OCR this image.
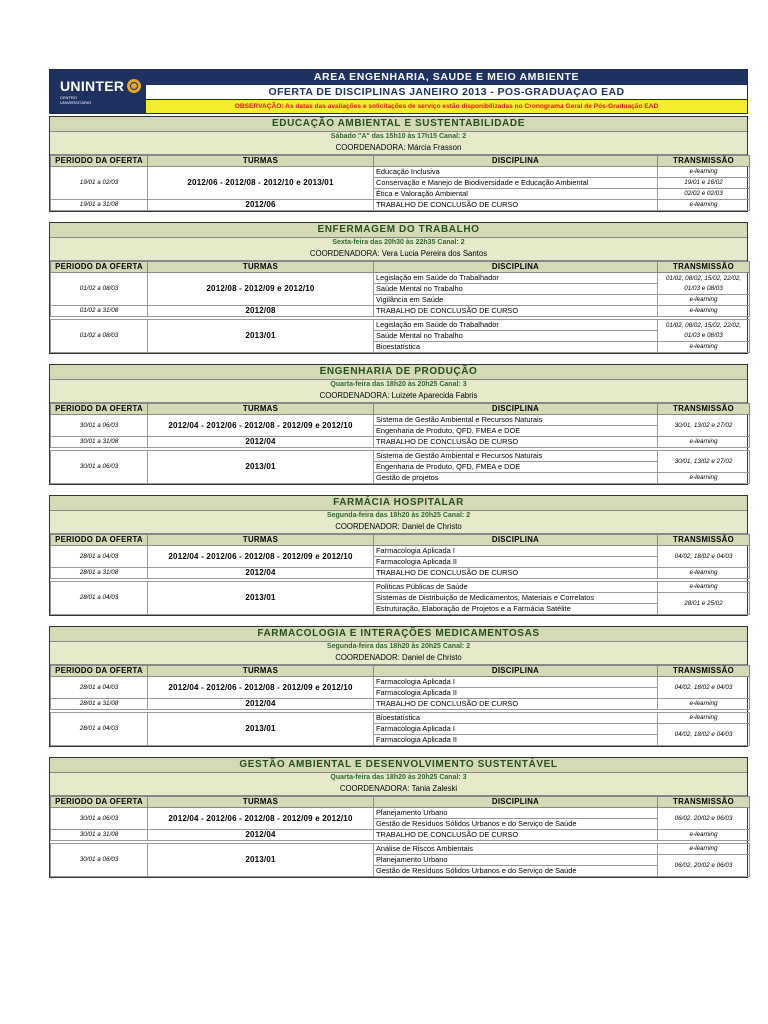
UNINTER
CENTRO
UNIVERSITÁRIO
AREA ENGENHARIA, SAUDE E MEIO AMBIENTE
OFERTA DE DISCIPLINAS JANEIRO 2013 - POS-GRADUAÇAO EAD
OBSERVAÇÃO: As datas das avaliações e solicitações de serviço estão disponibilizadas no Cronograma Geral de Pós-Graduação EAD
EDUCAÇÃO AMBIENTAL E SUSTENTABILIDADE
Sábado "A" das 15h10 às 17h15 Canal: 2
COORDENADORA: Márcia Frasson
PERIODO DA OFERTA	TURMAS	DISCIPLINA	TRANSMISSÃO
19/01 a 02/03	2012/06 - 2012/08 - 2012/10 e 2013/01	Educação Inclusiva	e-learning
		Conservação e Manejo de Biodiversidade e Educação Ambiental	19/01 e 16/02
		Ética e Valoração Ambiental	02/02 e 02/03
19/01 a 31/08	2012/06	TRABALHO DE CONCLUSÃO DE CURSO	e-learning
ENFERMAGEM DO TRABALHO
Sexta-feira das 20h30 às 22h35 Canal: 2
COORDENADORA: Vera Lucia Pereira dos Santos
PERIODO DA OFERTA	TURMAS	DISCIPLINA	TRANSMISSÃO
01/02 a 08/03	2012/08 - 2012/09 e 2012/10	Legislação em Saúde do Trabalhador	01/02, 08/02, 15/02, 22/02, 01/03 e 08/03
		Saúde Mental no Trabalho	
		Vigilância em Saúde	e-learning
01/02 a 31/08	2012/08	TRABALHO DE CONCLUSÃO DE CURSO	e-learning

01/02 a 08/03	2013/01	Legislação em Saúde do Trabalhador	01/02, 08/02, 15/02, 22/02, 01/03 e 08/03
		Saúde Mental no Trabalho	
		Bioestatística	e-learning
ENGENHARIA DE PRODUÇÃO
Quarta-feira das 18h20 às 20h25 Canal: 3
COORDENADORA: Luizete Aparecida Fabris
PERIODO DA OFERTA	TURMAS	DISCIPLINA	TRANSMISSÃO
30/01 a 06/03	2012/04 - 2012/06 - 2012/08 - 2012/09 e 2012/10	Sistema de Gestão Ambiental e Recursos Naturais	30/01, 13/02 e 27/02
		Engenharia de Produto, QFD, FMEA e DOE	
30/01 a 31/08	2012/04	TRABALHO DE CONCLUSÃO DE CURSO	e-learning

30/01 a 06/03	2013/01	Sistema de Gestão Ambiental e Recursos Naturais	30/01, 13/02 e 27/02
		Engenharia de Produto, QFD, FMEA e DOE	
		Gestão de projetos	e-learning
FARMÁCIA HOSPITALAR
Segunda-feira das 18h20 às 20h25 Canal: 2
COORDENADOR: Daniel de Christo
PERIODO DA OFERTA	TURMAS	DISCIPLINA	TRANSMISSÃO
28/01 a 04/03	2012/04 - 2012/06 - 2012/08 - 2012/09 e 2012/10	Farmacologia Aplicada I	04/02, 18/02 e 04/03
		Farmacologia Aplicada II	
28/01 a 31/08	2012/04	TRABALHO DE CONCLUSÃO DE CURSO	e-learning

28/01 a 04/03	2013/01	Políticas Públicas de Saúde	e-learning
		Sistemas de Distribuição de Medicamentos, Materiais e Correlatos	28/01 e 25/02
		Estruturação, Elaboração de Projetos e a Farmácia Satélite	
FARMACOLOGIA E INTERAÇÕES MEDICAMENTOSAS
Segunda-feira das 18h20 às 20h25 Canal: 2
COORDENADOR: Daniel de Christo
PERIODO DA OFERTA	TURMAS	DISCIPLINA	TRANSMISSÃO
28/01 a 04/03	2012/04 - 2012/06 - 2012/08 - 2012/09 e 2012/10	Farmacologia Aplicada I	04/02, 18/02 e 04/03
		Farmacologia Aplicada II	
28/01 a 31/08	2012/04	TRABALHO DE CONCLUSÃO DE CURSO	e-learning

28/01 a 04/03	2013/01	Bioestatística	e-learning
		Farmacologia Aplicada I	04/02, 18/02 e 04/03
		Farmacologia Aplicada II	
GESTÃO AMBIENTAL E DESENVOLVIMENTO SUSTENTÁVEL
Quarta-feira das 18h20 às 20h25 Canal: 3
COORDENADORA: Tania Zaleski
PERIODO DA OFERTA	TURMAS	DISCIPLINA	TRANSMISSÃO
30/01 a 06/03	2012/04 - 2012/06 - 2012/08 - 2012/09 e 2012/10	Planejamento Urbano	06/02, 20/02 e 06/03
		Gestão de Resíduos Sólidos Urbanos e do Serviço de Saúde	
30/01 a 31/08	2012/04	TRABALHO DE CONCLUSÃO DE CURSO	e-learning

30/01 a 06/03	2013/01	Análise de Riscos Ambientais	e-learning
		Planejamento Urbano	06/02, 20/02 e 06/03
		Gestão de Resíduos Sólidos Urbanos e do Serviço de Saúde	
